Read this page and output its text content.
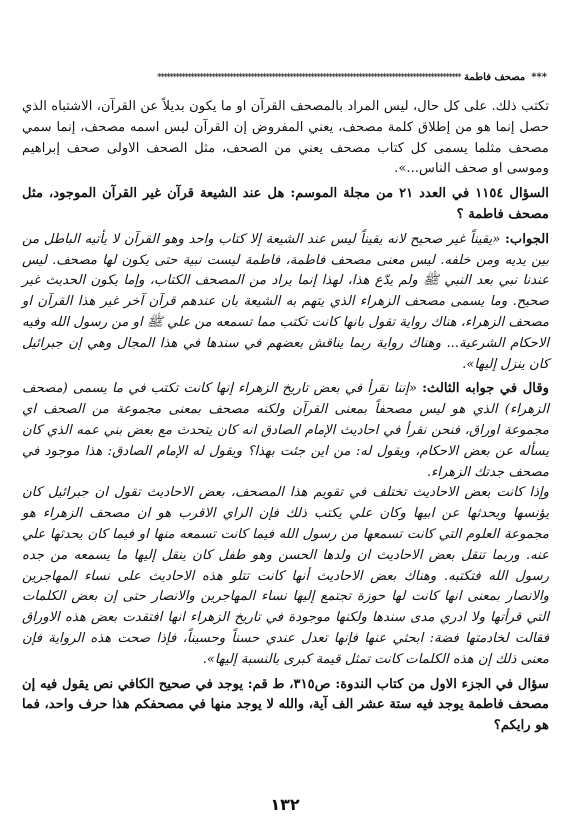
***
مصحف فاطمة
*****************************************************************************************************

تكتب ذلك. على كل حال، ليس المراد بالمصحف القرآن او ما يكون بديلاً عن القرآن، الاشتباه الذي حصل إنما هو من إطلاق كلمة مصحف، يعني المفروض إن القرآن ليس اسمه مصحف، إنما سمي مصحف مثلما يسمى كل كتاب مصحف يعني من الصحف، مثل الصحف الاولى صحف إبراهيم وموسى او صحف الناس...».

السؤال ١١٥٤ في العدد ٢١ من مجلة الموسم: هل عند الشيعة قرآن غير القرآن الموجود، مثل مصحف فاطمة ؟

الجواب: «يقيناً غير صحيح لانه يقيناً ليس عند الشيعة إلا كتاب واحد وهو القرآن لا يأتيه الباطل من بين يديه ومن خلفه. ليس معنى مصحف فاطمة، فاطمة ليست نبية حتى يكون لها مصحف. ليس عندنا نبي بعد النبي ﷺ ولم يدّع هذا، لهذا إنما يراد من المصحف الكتاب، وإما يكون الحديث غير صحيح. وما يسمى مصحف الزهراء الذي يتهم به الشيعة بان عندهم قرآن آخر غير هذا القرآن او مصحف الزهراء، هناك رواية تقول بانها كانت تكتب مما تسمعه من علي ﷺ او من رسول الله وفيه الاحكام الشرعية... وهناك رواية ربما يناقش بعضهم في سندها في هذا المجال وهي إن جبرائيل كان ينزل إليها».

وقال في جوابه الثالث: «إننا نقرأ في بعض تاريخ الزهراء إنها كانت تكتب في ما يسمى (مصحف الزهراء) الذي هو ليس مصحفاً بمعنى القرآن ولكنه مصحف بمعنى مجموعة من الصحف اي مجموعة اوراق، فنحن نقرأ في احاديث الإمام الصادق انه كان يتحدث مع بعض بني عمه الذي كان يسأله عن بعض الاحكام، ويقول له: من اين جئت بهذا؟ ويقول له الإمام الصادق: هذا موجود في مصحف جدتك الزهراء.

وإذا كانت بعض الاحاديث تختلف في تقويم هذا المصحف، بعض الاحاديث تقول ان جبرائيل كان يؤنسها ويحدثها عن ابيها وكان علي يكتب ذلك فإن الراي الاقرب هو ان مصحف الزهراء هو مجموعة العلوم التي كانت تسمعها من رسول الله فيما كانت تسمعه منها او فيما كان يحدثها علي عنه. وربما تنقل بعض الاحاديث ان ولدها الحسن وهو طفل كان ينقل إليها ما يسمعه من جده رسول الله فتكتبه. وهناك بعض الاحاديث أنها كانت تتلو هذه الاحاديث على نساء المهاجرين والانصار بمعنى انها كانت لها حوزة تجتمع إليها نساء المهاجرين والانصار حتى إن بعض الكلمات التي قرأتها ولا ادري مدى سندها ولكنها موجودة في تاريخ الزهراء انها افتقدت بعض هذه الاوراق فقالت لخادمتها فضة: ابحثي عنها فإنها تعدل عندي حسناً وحسيناً، فإذا صحت هذه الرواية فإن معنى ذلك إن هذه الكلمات كانت تمثل قيمة كبرى بالنسبة إليها».

سؤال في الجزء الاول من كتاب الندوة: ص٣١٥، ط قم: يوجد في صحيح الكافي نص يقول فيه إن مصحف فاطمة يوجد فيه ستة عشر الف آية، والله لا يوجد منها في مصحفكم هذا حرف واحد، فما هو رايكم؟

١٣٢
